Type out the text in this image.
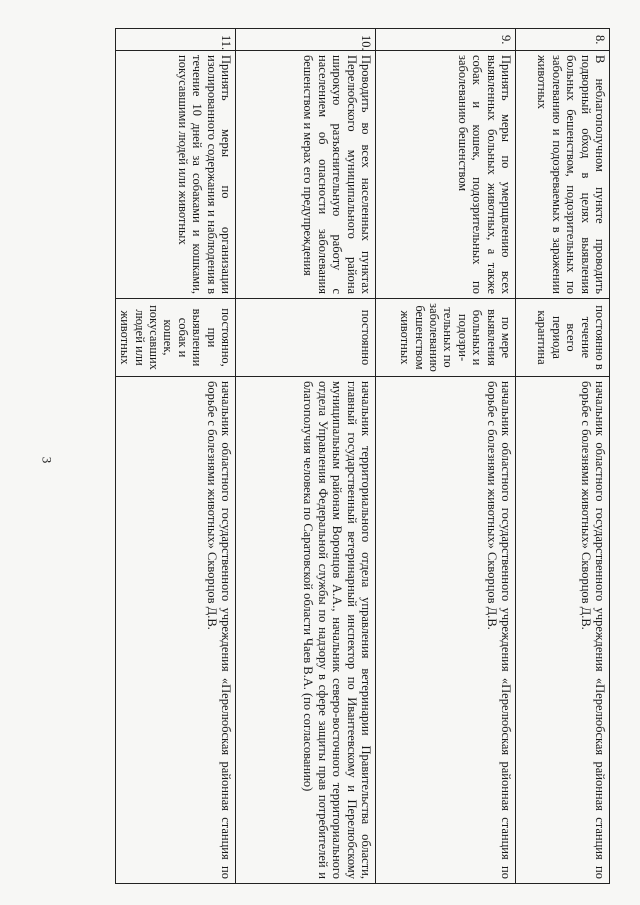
3
8.	В неблагополучном пункте проводить подворный обход в целях выявления больных бешенством, подозрительных по заболеванию и подозреваемых в заражении животных	постоянно в течение всего периода карантина	начальник областного государственного учреждения «Перелюбская районная станция по борьбе с болезнями животных» Скворцов Д.В.
9.	Принять меры по умерщвлению всех выявленных больных животных, а также собак и кошек, подозрительных по заболеванию бешенством	по мере выявления больных и подозри-тельных по заболеванию бешенством животных	начальник областного государственного учреждения «Перелюбская районная станция по борьбе с болезнями животных» Скворцов Д.В.
10.	Проводить во всех населенных пунктах Перелюбского муниципального района широкую разъяснительную работу с населением об опасности заболевания бешенством и мерах его предупреждения	постоянно	начальник территориального отдела управления ветеринарии Правительства области, главный государственный ветеринарный инспектор по Ивантеевскому и Перелюбскому муниципальным районам Воронцов А.А., начальник северо-восточного территориального отдела Управления Федеральной службы по надзору в сфере защиты прав потребителей и благополучия человека по Саратовской области Чаев В.А. (по согласованию)
11.	Принять меры по организации изолированного содержания и наблюдения в течение 10 дней за собаками и кошками, покусавшими людей или животных	постоянно, при выявлении собак и кошек, покусавших людей или животных	начальник областного государственного учреждения «Перелюбская районная станция по борьбе с болезнями животных» Скворцов Д.В.
